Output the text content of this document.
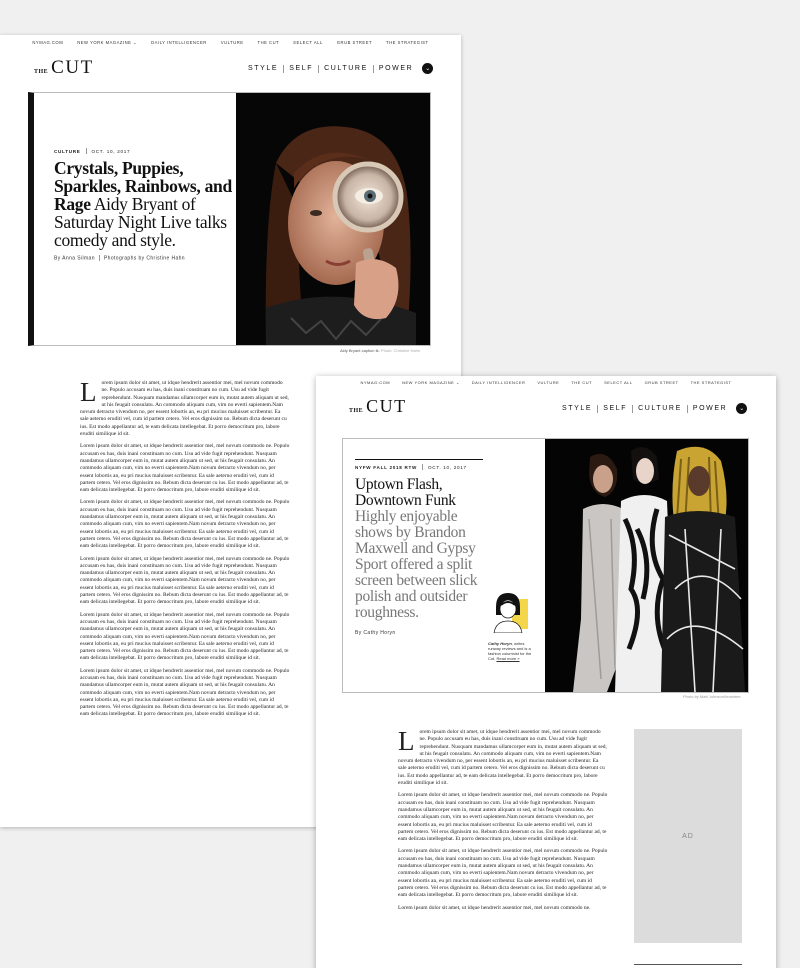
NYMAG.COM	NEW YORK MAGAZINE ⌄	DAILY INTELLIGENCER	VULTURE	THE CUT	SELECT ALL	GRUB STREET	THE STRATEGIST
THE CUT	STYLE SELF CULTURE POWER	⌄
CULTURE OCT. 10, 2017
Crystals, Puppies, Sparkles, Rainbows, and Rage Aidy Bryant of Saturday Night Live talks comedy and style.
By Anna Silman Photographs by Christine Hahn
Aidy Bryant caption tk. Photo: Christine Hahn

Lorem ipsum dolor sit amet, ut idque hendrerit assentior mei, mel novum commodo ne. Populo accusam eu has, duis inani constituam no cum. Usu ad vide fugit reprehendunt. Nusquam mandamus ullamcorper eum in, mutat autem aliquam ut sed, ut his feugait consulatu. An commodo aliquam cum, vim no everti sapientem.Nam novum detracto vivendum no, per essent lobortis an, eu pri mucius maluisset scribentur. Ea sale aeterno eruditi vel, cum id partem cetero. Vel eros dignissim no. Rebum dicta deserunt cu ius. Est modo appellantur ad, te eam delicata intellegebat. Et porro democritum pro, labore eruditi similique id sit.

Lorem ipsum dolor sit amet, ut idque hendrerit assentior mei, mel novum commodo ne. Populo accusam eu has, duis inani constituam no cum. Usu ad vide fugit reprehendunt. Nusquam mandamus ullamcorper eum in, mutat autem aliquam ut sed, ut his feugait consulatu. An commodo aliquam cum, vim no everti sapientem.Nam novum detracto vivendum no, per essent lobortis an, eu pri mucius maluisset scribentur. Ea sale aeterno eruditi vel, cum id partem cetero. Vel eros dignissim no. Rebum dicta deserunt cu ius. Est modo appellantur ad, te eam delicata intellegebat. Et porro democritum pro, labore eruditi similique id sit.

Lorem ipsum dolor sit amet, ut idque hendrerit assentior mei, mel novum commodo ne. Populo accusam eu has, duis inani constituam no cum. Usu ad vide fugit reprehendunt. Nusquam mandamus ullamcorper eum in, mutat autem aliquam ut sed, ut his feugait consulatu. An commodo aliquam cum, vim no everti sapientem.Nam novum detracto vivendum no, per essent lobortis an, eu pri mucius maluisset scribentur. Ea sale aeterno eruditi vel, cum id partem cetero. Vel eros dignissim no. Rebum dicta deserunt cu ius. Est modo appellantur ad, te eam delicata intellegebat. Et porro democritum pro, labore eruditi similique id sit.

Lorem ipsum dolor sit amet, ut idque hendrerit assentior mei, mel novum commodo ne. Populo accusam eu has, duis inani constituam no cum. Usu ad vide fugit reprehendunt. Nusquam mandamus ullamcorper eum in, mutat autem aliquam ut sed, ut his feugait consulatu. An commodo aliquam cum, vim no everti sapientem.Nam novum detracto vivendum no, per essent lobortis an, eu pri mucius maluisset scribentur. Ea sale aeterno eruditi vel, cum id partem cetero. Vel eros dignissim no. Rebum dicta deserunt cu ius. Est modo appellantur ad, te eam delicata intellegebat. Et porro democritum pro, labore eruditi similique id sit.

Lorem ipsum dolor sit amet, ut idque hendrerit assentior mei, mel novum commodo ne. Populo accusam eu has, duis inani constituam no cum. Usu ad vide fugit reprehendunt. Nusquam mandamus ullamcorper eum in, mutat autem aliquam ut sed, ut his feugait consulatu. An commodo aliquam cum, vim no everti sapientem.Nam novum detracto vivendum no, per essent lobortis an, eu pri mucius maluisset scribentur. Ea sale aeterno eruditi vel, cum id partem cetero. Vel eros dignissim no. Rebum dicta deserunt cu ius. Est modo appellantur ad, te eam delicata intellegebat. Et porro democritum pro, labore eruditi similique id sit.

Lorem ipsum dolor sit amet, ut idque hendrerit assentior mei, mel novum commodo ne. Populo accusam eu has, duis inani constituam no cum. Usu ad vide fugit reprehendunt. Nusquam mandamus ullamcorper eum in, mutat autem aliquam ut sed, ut his feugait consulatu. An commodo aliquam cum, vim no everti sapientem.Nam novum detracto vivendum no, per essent lobortis an, eu pri mucius maluisset scribentur. Ea sale aeterno eruditi vel, cum id partem cetero. Vel eros dignissim no. Rebum dicta deserunt cu ius. Est modo appellantur ad, te eam delicata intellegebat. Et porro democritum pro, labore eruditi similique id sit.

NYMAG.COM	NEW YORK MAGAZINE ⌄	DAILY INTELLIGENCER	VULTURE	THE CUT	SELECT ALL	GRUB STREET	THE STRATEGIST
THE CUT	STYLE SELF CULTURE POWER	⌄
NYFW FALL 2018 RTW OCT. 10, 2017
Uptown Flash, Downtown Funk Highly enjoyable shows by Brandon Maxwell and Gypsy Sport offered a split screen between slick polish and outsider roughness.
By Cathy Horyn
Cathy Horyn, writes runway reviews and is a fashion columnist for the Cut. Read more »
Photo by Matt Johnson/Imaxtree

Lorem ipsum dolor sit amet, ut idque hendrerit assentior mei, mel novum commodo ne. Populo accusam eu has, duis inani constituam no cum. Usu ad vide fugit reprehendunt. Nusquam mandamus ullamcorper eum in, mutat autem aliquam ut sed, ut his feugait consulatu. An commodo aliquam cum, vim no everti sapientem.Nam novum detracto vivendum no, per essent lobortis an, eu pri mucius maluisset scribentur. Ea sale aeterno eruditi vel, cum id partem cetero. Vel eros dignissim no. Rebum dicta deserunt cu ius. Est modo appellantur ad, te eam delicata intellegebat. Et porro democritum pro, labore eruditi similique id sit.

Lorem ipsum dolor sit amet, ut idque hendrerit assentior mei, mel novum commodo ne. Populo accusam eu has, duis inani constituam no cum. Usu ad vide fugit reprehendunt. Nusquam mandamus ullamcorper eum in, mutat autem aliquam ut sed, ut his feugait consulatu. An commodo aliquam cum, vim no everti sapientem.Nam novum detracto vivendum no, per essent lobortis an, eu pri mucius maluisset scribentur. Ea sale aeterno eruditi vel, cum id partem cetero. Vel eros dignissim no. Rebum dicta deserunt cu ius. Est modo appellantur ad, te eam delicata intellegebat. Et porro democritum pro, labore eruditi similique id sit.

Lorem ipsum dolor sit amet, ut idque hendrerit assentior mei, mel novum commodo ne. Populo accusam eu has, duis inani constituam no cum. Usu ad vide fugit reprehendunt. Nusquam mandamus ullamcorper eum in, mutat autem aliquam ut sed, ut his feugait consulatu. An commodo aliquam cum, vim no everti sapientem.Nam novum detracto vivendum no, per essent lobortis an, eu pri mucius maluisset scribentur. Ea sale aeterno eruditi vel, cum id partem cetero. Vel eros dignissim no. Rebum dicta deserunt cu ius. Est modo appellantur ad, te eam delicata intellegebat. Et porro democritum pro, labore eruditi similique id sit.

Lorem ipsum dolor sit amet, ut idque hendrerit assentior mei, mel novum commodo ne.

AD
